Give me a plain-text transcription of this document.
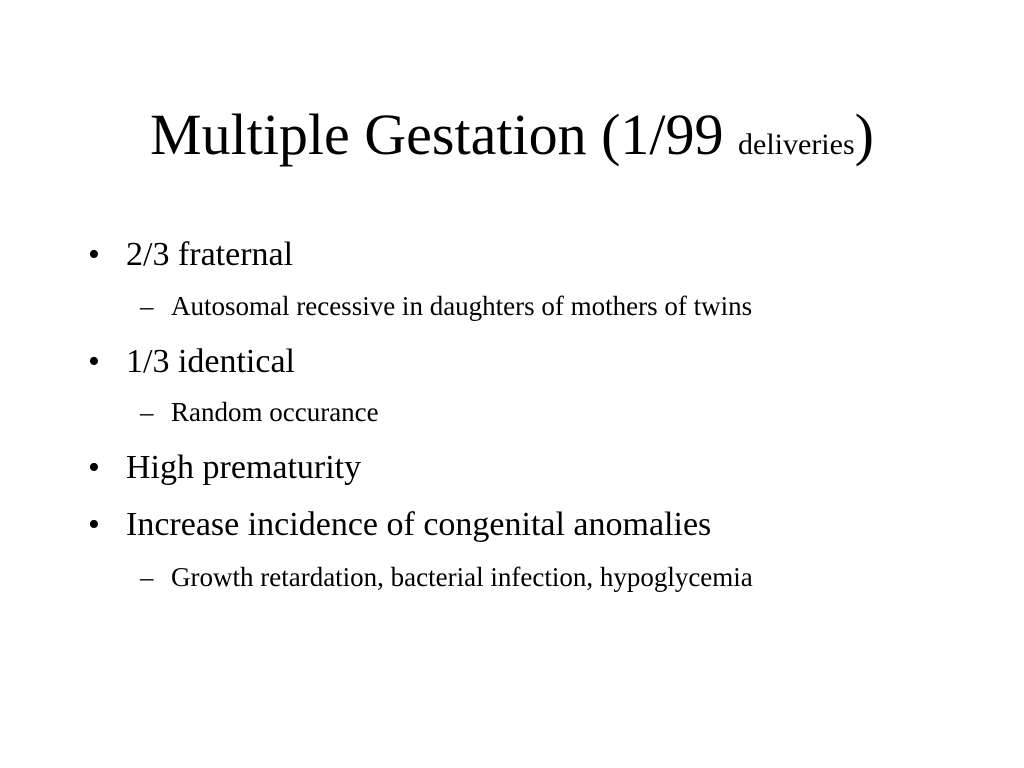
Multiple Gestation (1/99 deliveries)
• 2/3 fraternal
– Autosomal recessive in daughters of mothers of twins
• 1/3 identical
– Random occurance
• High prematurity
• Increase incidence of congenital anomalies
– Growth retardation, bacterial infection, hypoglycemia
